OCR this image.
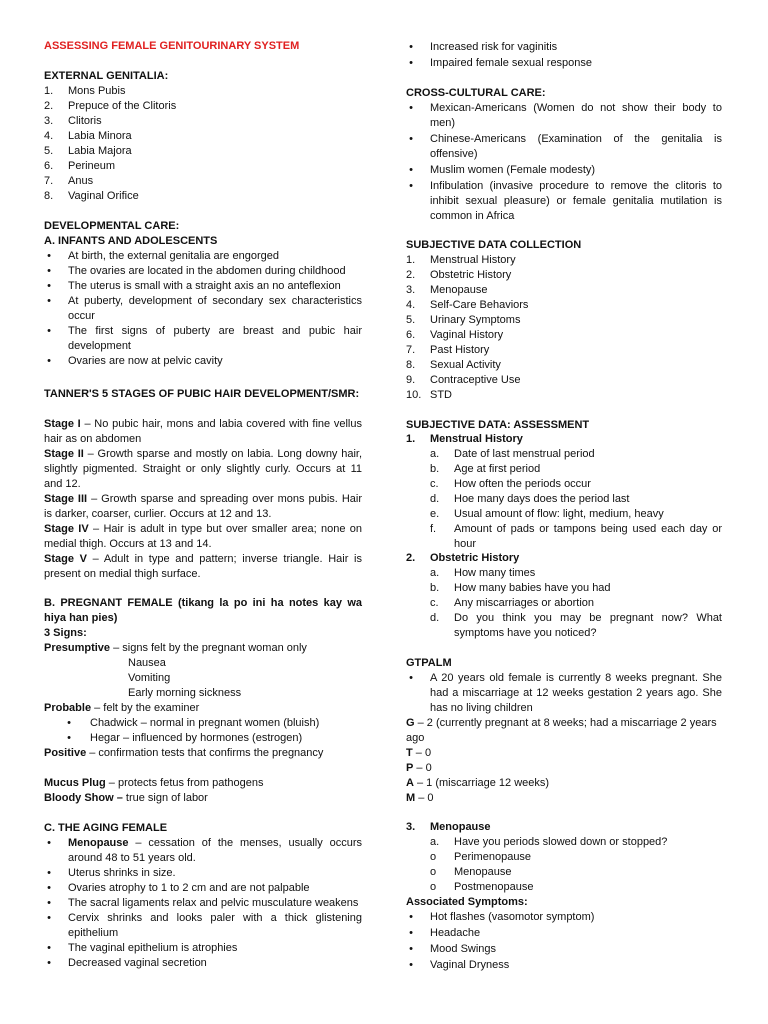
ASSESSING FEMALE GENITOURINARY SYSTEM
EXTERNAL GENITALIA:
1.	Mons Pubis
2.	Prepuce of the Clitoris
3.	Clitoris
4.	Labia Minora
5.	Labia Majora
6.	Perineum
7.	Anus
8.	Vaginal Orifice
DEVELOPMENTAL CARE:
A. INFANTS AND ADOLESCENTS
• At birth, the external genitalia are engorged
• The ovaries are located in the abdomen during childhood
• The uterus is small with a straight axis an no anteflexion
• At puberty, development of secondary sex characteristics occur
• The first signs of puberty are breast and pubic hair development
• Ovaries are now at pelvic cavity
TANNER'S 5 STAGES OF PUBIC HAIR DEVELOPMENT/SMR:
Stage I – No pubic hair, mons and labia covered with fine vellus hair as on abdomen
Stage II – Growth sparse and mostly on labia. Long downy hair, slightly pigmented. Straight or only slightly curly. Occurs at 11 and 12.
Stage III – Growth sparse and spreading over mons pubis. Hair is darker, coarser, curlier. Occurs at 12 and 13.
Stage IV – Hair is adult in type but over smaller area; none on medial thigh. Occurs at 13 and 14.
Stage V – Adult in type and pattern; inverse triangle. Hair is present on medial thigh surface.
B. PREGNANT FEMALE (tikang la po ini ha notes kay wa hiya han pies)
3 Signs:
Presumptive – signs felt by the pregnant woman only
Nausea
Vomiting
Early morning sickness
Probable – felt by the examiner
• Chadwick – normal in pregnant women (bluish)
• Hegar – influenced by hormones (estrogen)
Positive – confirmation tests that confirms the pregnancy
Mucus Plug – protects fetus from pathogens
Bloody Show – true sign of labor
C. THE AGING FEMALE
• Menopause – cessation of the menses, usually occurs around 48 to 51 years old.
• Uterus shrinks in size.
• Ovaries atrophy to 1 to 2 cm and are not palpable
• The sacral ligaments relax and pelvic musculature weakens
• Cervix shrinks and looks paler with a thick glistening epithelium
• The vaginal epithelium is atrophies
• Decreased vaginal secretion
• Increased risk for vaginitis
• Impaired female sexual response
CROSS-CULTURAL CARE:
• Mexican-Americans (Women do not show their body to men)
• Chinese-Americans (Examination of the genitalia is offensive)
• Muslim women (Female modesty)
• Infibulation (invasive procedure to remove the clitoris to inhibit sexual pleasure) or female genitalia mutilation is common in Africa
SUBJECTIVE DATA COLLECTION
1.	Menstrual History
2.	Obstetric History
3.	Menopause
4.	Self-Care Behaviors
5.	Urinary Symptoms
6.	Vaginal History
7.	Past History
8.	Sexual Activity
9.	Contraceptive Use
10. STD
SUBJECTIVE DATA: ASSESSMENT
1.	Menstrual History
a.	Date of last menstrual period
b.	Age at first period
c.	How often the periods occur
d.	Hoe many days does the period last
e.	Usual amount of flow: light, medium, heavy
f.	Amount of pads or tampons being used each day or hour
2.	Obstetric History
a.	How many times
b.	How many babies have you had
c.	Any miscarriages or abortion
d.	Do you think you may be pregnant now? What symptoms have you noticed?
GTPALM
• A 20 years old female is currently 8 weeks pregnant. She had a miscarriage at 12 weeks gestation 2 years ago. She has no living children
G – 2 (currently pregnant at 8 weeks; had a miscarriage 2 years ago
T – 0
P – 0
A – 1 (miscarriage 12 weeks)
M – 0
3.	Menopause
a.	Have you periods slowed down or stopped?
o	Perimenopause
o	Menopause
o	Postmenopause
Associated Symptoms:
• Hot flashes (vasomotor symptom)
• Headache
• Mood Swings
• Vaginal Dryness
